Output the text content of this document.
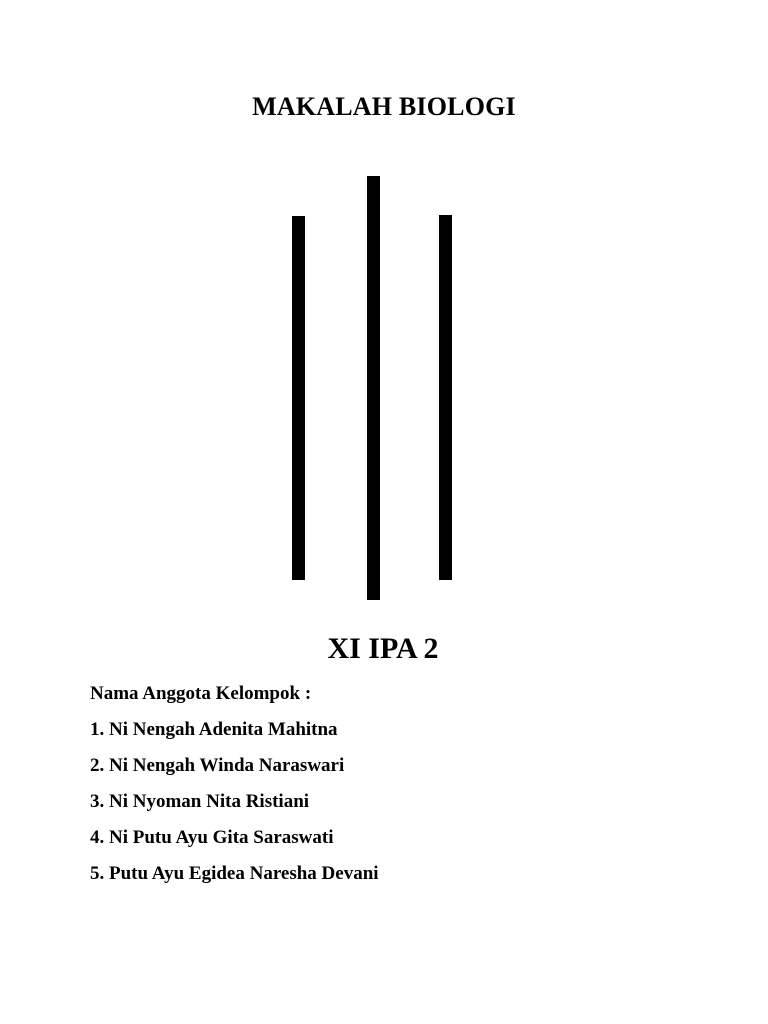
MAKALAH BIOLOGI
XI IPA 2
Nama Anggota Kelompok :
1. Ni Nengah Adenita Mahitna
2. Ni Nengah Winda Naraswari
3. Ni Nyoman Nita Ristiani
4. Ni Putu Ayu Gita Saraswati
5. Putu Ayu Egidea Naresha Devani
